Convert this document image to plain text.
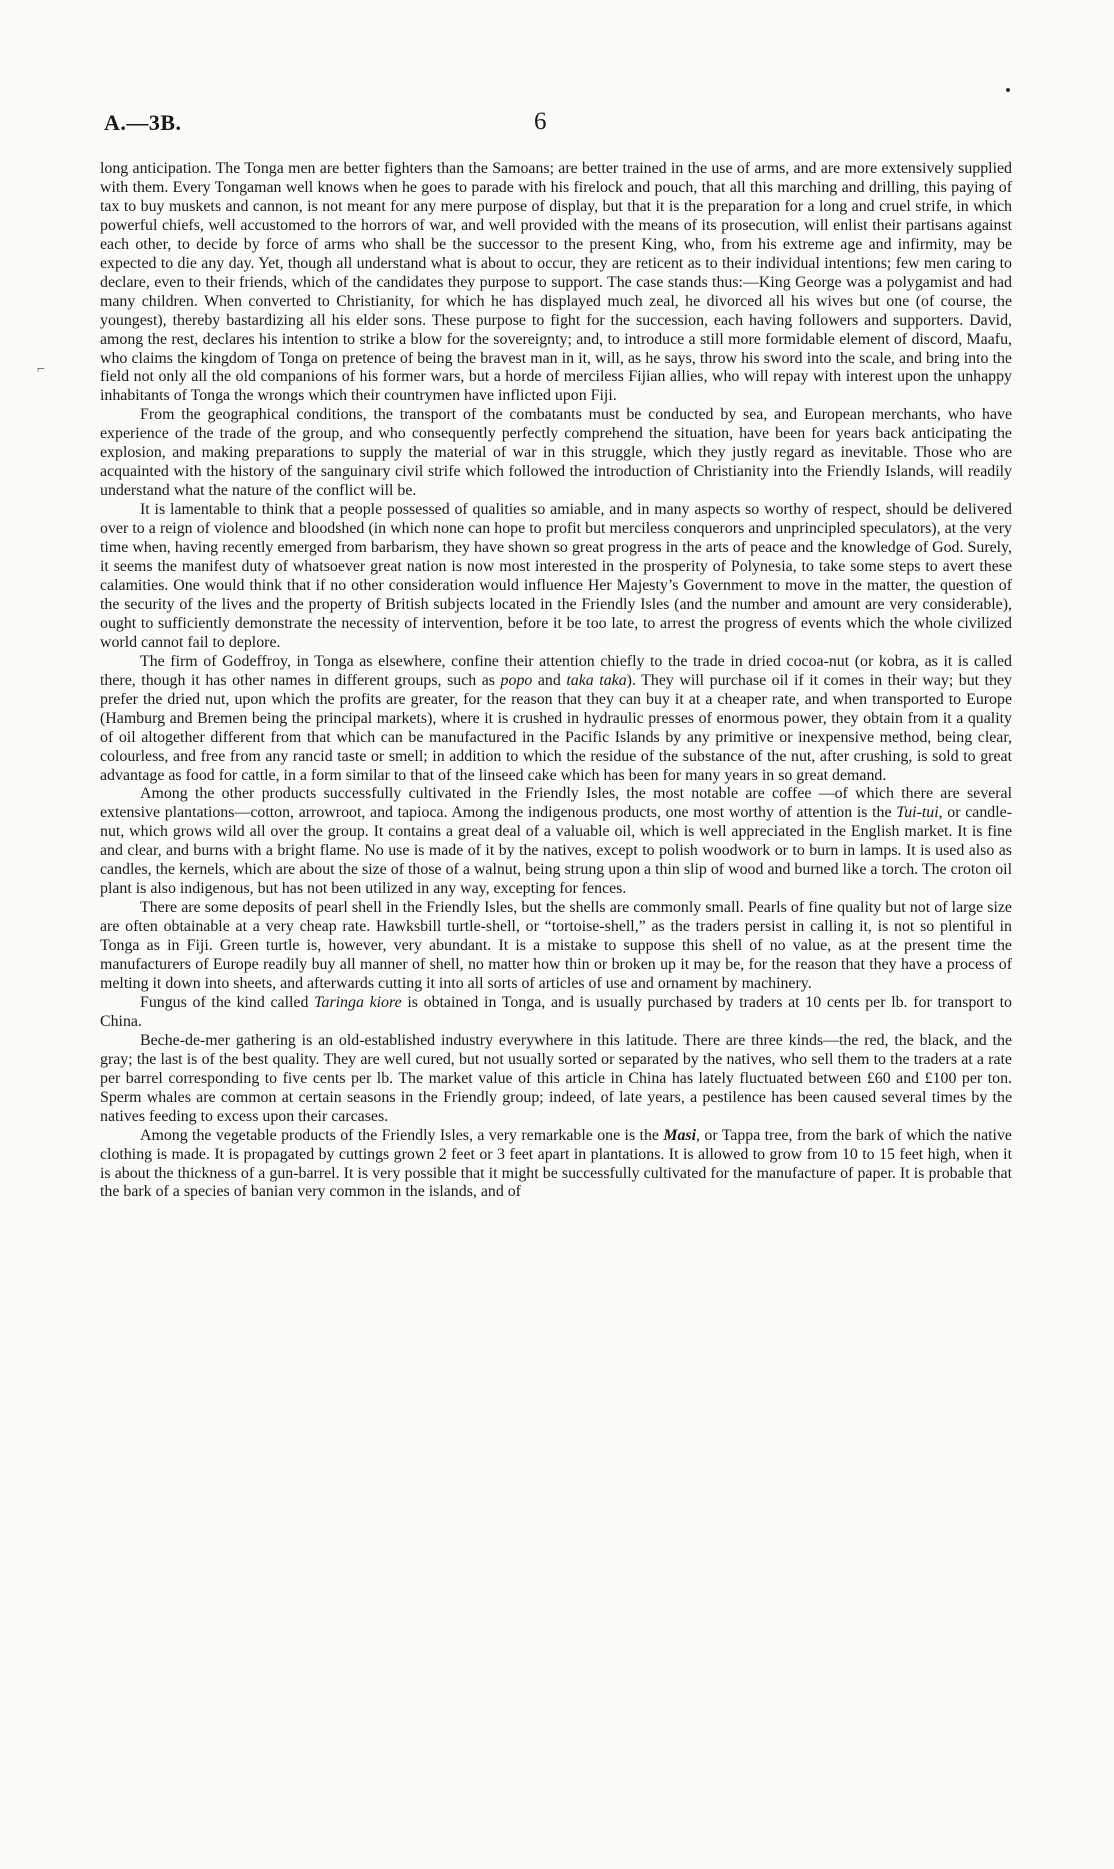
A.—3B.	6
⌐

long anticipation. The Tonga men are better fighters than the Samoans; are better trained in the use of arms, and are more extensively supplied with them. Every Tongaman well knows when he goes to parade with his firelock and pouch, that all this marching and drilling, this paying of tax to buy muskets and cannon, is not meant for any mere purpose of display, but that it is the preparation for a long and cruel strife, in which powerful chiefs, well accustomed to the horrors of war, and well provided with the means of its prosecution, will enlist their partisans against each other, to decide by force of arms who shall be the successor to the present King, who, from his extreme age and infirmity, may be expected to die any day. Yet, though all understand what is about to occur, they are reticent as to their individual intentions; few men caring to declare, even to their friends, which of the candidates they purpose to support. The case stands thus:—King George was a polygamist and had many children. When converted to Christianity, for which he has displayed much zeal, he divorced all his wives but one (of course, the youngest), thereby bastardizing all his elder sons. These purpose to fight for the succession, each having followers and supporters. David, among the rest, declares his intention to strike a blow for the sovereignty; and, to introduce a still more formidable element of discord, Maafu, who claims the kingdom of Tonga on pretence of being the bravest man in it, will, as he says, throw his sword into the scale, and bring into the field not only all the old companions of his former wars, but a horde of merciless Fijian allies, who will repay with interest upon the unhappy inhabitants of Tonga the wrongs which their countrymen have inflicted upon Fiji.

From the geographical conditions, the transport of the combatants must be conducted by sea, and European merchants, who have experience of the trade of the group, and who consequently perfectly comprehend the situation, have been for years back anticipating the explosion, and making preparations to supply the material of war in this struggle, which they justly regard as inevitable. Those who are acquainted with the history of the sanguinary civil strife which followed the introduction of Christianity into the Friendly Islands, will readily understand what the nature of the conflict will be.

It is lamentable to think that a people possessed of qualities so amiable, and in many aspects so worthy of respect, should be delivered over to a reign of violence and bloodshed (in which none can hope to profit but merciless conquerors and unprincipled speculators), at the very time when, having recently emerged from barbarism, they have shown so great progress in the arts of peace and the knowledge of God. Surely, it seems the manifest duty of whatsoever great nation is now most interested in the prosperity of Polynesia, to take some steps to avert these calamities. One would think that if no other consideration would influence Her Majesty’s Government to move in the matter, the question of the security of the lives and the property of British subjects located in the Friendly Isles (and the number and amount are very considerable), ought to sufficiently demonstrate the necessity of intervention, before it be too late, to arrest the progress of events which the whole civilized world cannot fail to deplore.

The firm of Godeffroy, in Tonga as elsewhere, confine their attention chiefly to the trade in dried cocoa-nut (or kobra, as it is called there, though it has other names in different groups, such as popo and taka taka). They will purchase oil if it comes in their way; but they prefer the dried nut, upon which the profits are greater, for the reason that they can buy it at a cheaper rate, and when transported to Europe (Hamburg and Bremen being the principal markets), where it is crushed in hydraulic presses of enormous power, they obtain from it a quality of oil altogether different from that which can be manufactured in the Pacific Islands by any primitive or inexpensive method, being clear, colourless, and free from any rancid taste or smell; in addition to which the residue of the substance of the nut, after crushing, is sold to great advantage as food for cattle, in a form similar to that of the linseed cake which has been for many years in so great demand.

Among the other products successfully cultivated in the Friendly Isles, the most notable are coffee —of which there are several extensive plantations—cotton, arrowroot, and tapioca. Among the indigenous products, one most worthy of attention is the Tui-tui, or candle-nut, which grows wild all over the group. It contains a great deal of a valuable oil, which is well appreciated in the English market. It is fine and clear, and burns with a bright flame. No use is made of it by the natives, except to polish woodwork or to burn in lamps. It is used also as candles, the kernels, which are about the size of those of a walnut, being strung upon a thin slip of wood and burned like a torch. The croton oil plant is also indigenous, but has not been utilized in any way, excepting for fences.

There are some deposits of pearl shell in the Friendly Isles, but the shells are commonly small. Pearls of fine quality but not of large size are often obtainable at a very cheap rate. Hawksbill turtle-shell, or “tortoise-shell,” as the traders persist in calling it, is not so plentiful in Tonga as in Fiji. Green turtle is, however, very abundant. It is a mistake to suppose this shell of no value, as at the present time the manufacturers of Europe readily buy all manner of shell, no matter how thin or broken up it may be, for the reason that they have a process of melting it down into sheets, and afterwards cutting it into all sorts of articles of use and ornament by machinery.

Fungus of the kind called Taringa kiore is obtained in Tonga, and is usually purchased by traders at 10 cents per lb. for transport to China.

Beche-de-mer gathering is an old-established industry everywhere in this latitude. There are three kinds—the red, the black, and the gray; the last is of the best quality. They are well cured, but not usually sorted or separated by the natives, who sell them to the traders at a rate per barrel corresponding to five cents per lb. The market value of this article in China has lately fluctuated between £60 and £100 per ton. Sperm whales are common at certain seasons in the Friendly group; indeed, of late years, a pestilence has been caused several times by the natives feeding to excess upon their carcases.

Among the vegetable products of the Friendly Isles, a very remarkable one is the Masi, or Tappa tree, from the bark of which the native clothing is made. It is propagated by cuttings grown 2 feet or 3 feet apart in plantations. It is allowed to grow from 10 to 15 feet high, when it is about the thickness of a gun-barrel. It is very possible that it might be successfully cultivated for the manufacture of paper. It is probable that the bark of a species of banian very common in the islands, and of
